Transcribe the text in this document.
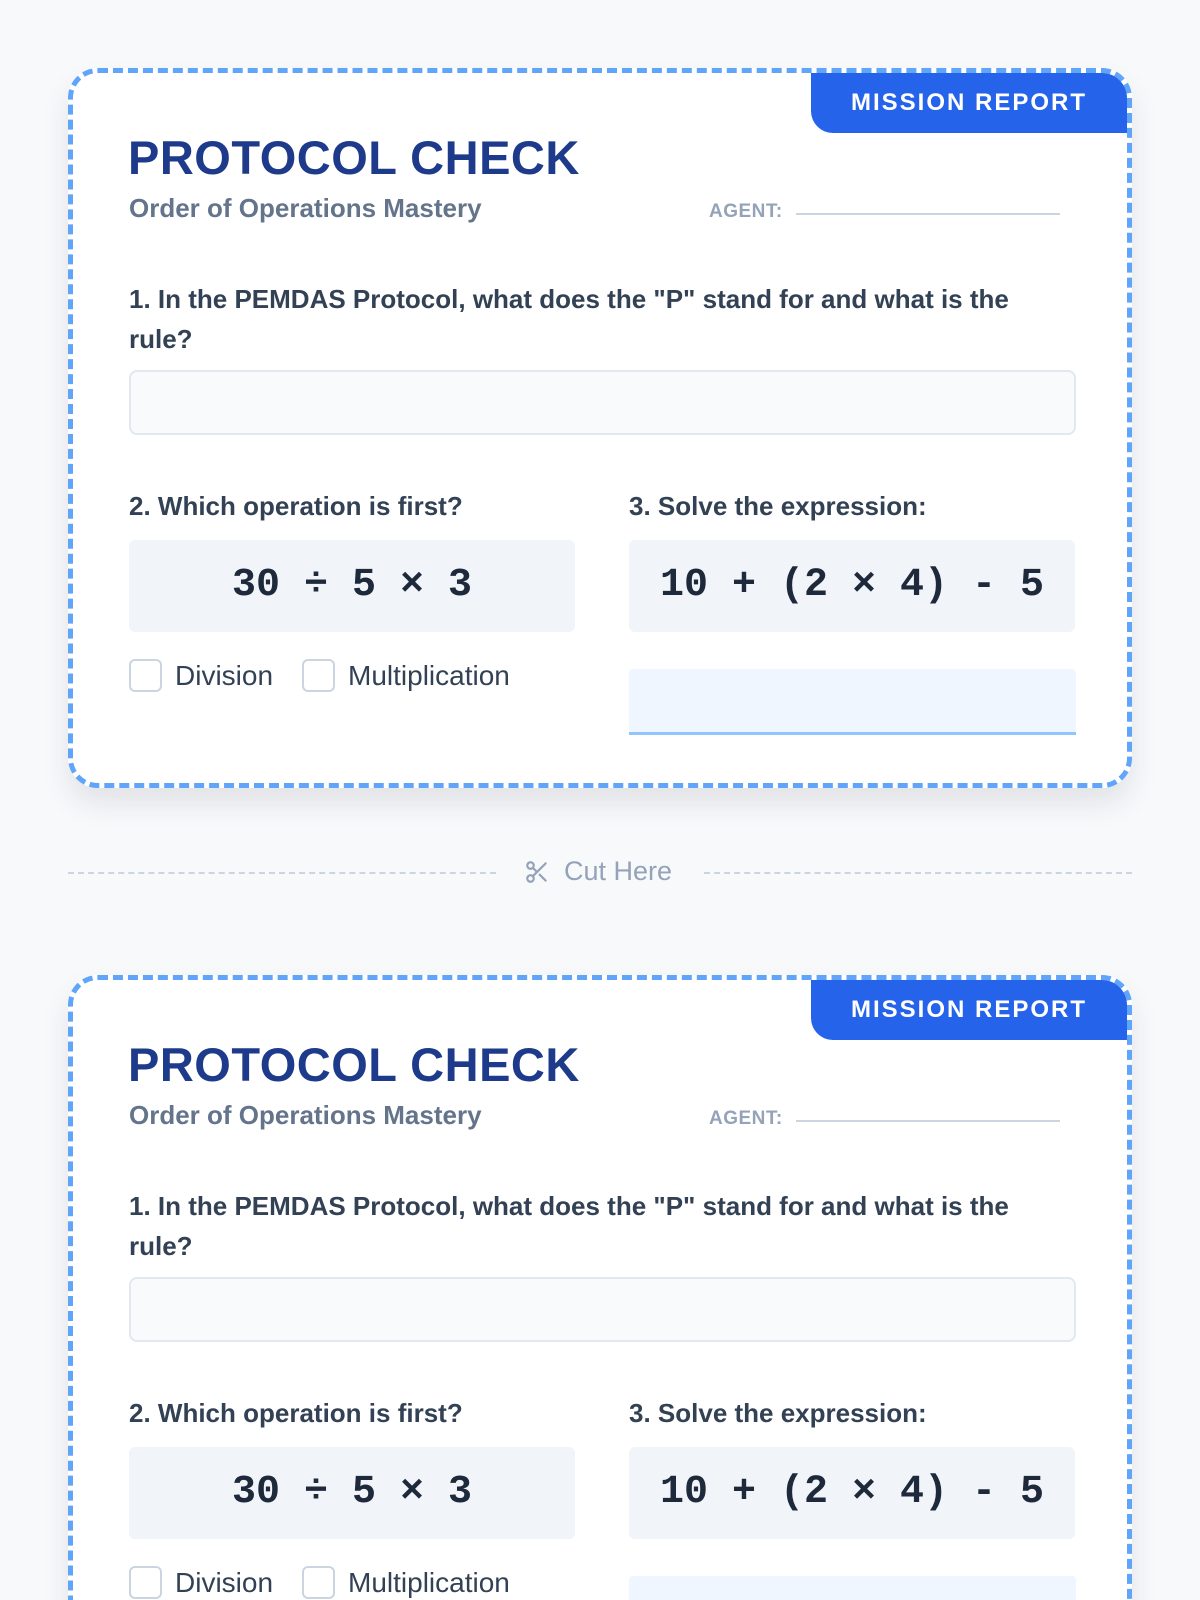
MISSION REPORT
PROTOCOL CHECK
Order of Operations Mastery	AGENT:
1. In the PEMDAS Protocol, what does the "P" stand for and what is the rule?
2. Which operation is first?
30 ÷ 5 × 3
Division	Multiplication
3. Solve the expression:
10 + (2 × 4) - 5
Cut Here
MISSION REPORT
PROTOCOL CHECK
Order of Operations Mastery	AGENT:
1. In the PEMDAS Protocol, what does the "P" stand for and what is the rule?
2. Which operation is first?
30 ÷ 5 × 3
Division	Multiplication
3. Solve the expression:
10 + (2 × 4) - 5
